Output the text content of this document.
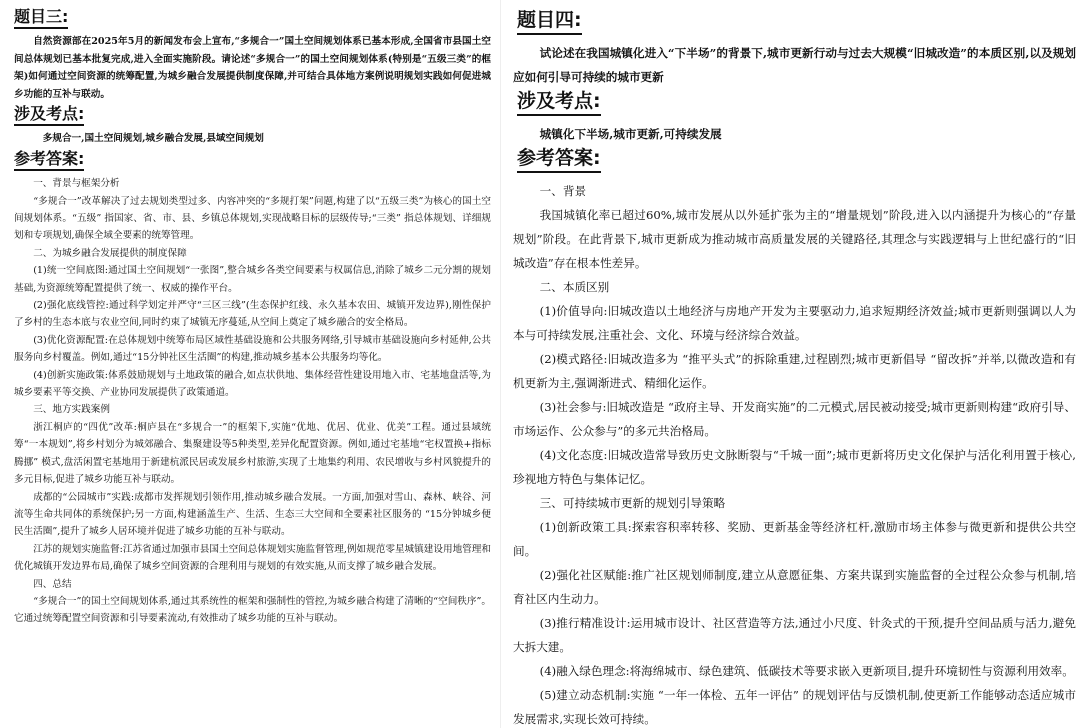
题目三:

自然资源部在2025年5月的新闻发布会上宣布,“多规合一”国土空间规划体系已基本形成,全国省市县国土空间总体规划已基本批复完成,进入全面实施阶段。请论述“多规合一”的国土空间规划体系(特别是“五级三类”的框架)如何通过空间资源的统筹配置,为城乡融合发展提供制度保障,并可结合具体地方案例说明规划实践如何促进城乡功能的互补与联动。

涉及考点:

多规合一,国土空间规划,城乡融合发展,县域空间规划

参考答案:

一、背景与框架分析

“多规合一”改革解决了过去规划类型过多、内容冲突的“多规打架”问题,构建了以“五级三类”为核心的国土空间规划体系。“五级” 指国家、省、市、县、乡镇总体规划,实现战略目标的层级传导;“三类” 指总体规划、详细规划和专项规划,确保全域全要素的统筹管理。

二、为城乡融合发展提供的制度保障

(1)统一空间底图:通过国土空间规划“一张图”,整合城乡各类空间要素与权属信息,消除了城乡二元分割的规划基础,为资源统筹配置提供了统一、权威的操作平台。

(2)强化底线管控:通过科学划定并严守“三区三线”(生态保护红线、永久基本农田、城镇开发边界),刚性保护了乡村的生态本底与农业空间,同时约束了城镇无序蔓延,从空间上奠定了城乡融合的安全格局。

(3)优化资源配置:在总体规划中统筹布局区域性基础设施和公共服务网络,引导城市基础设施向乡村延伸,公共服务向乡村覆盖。例如,通过“15分钟社区生活圈”的构建,推动城乡基本公共服务均等化。

(4)创新实施政策:体系鼓励规划与土地政策的融合,如点状供地、集体经营性建设用地入市、宅基地盘活等,为城乡要素平等交换、产业协同发展提供了政策通道。

三、地方实践案例

浙江桐庐的“四优”改革:桐庐县在“多规合一”的框架下,实施“优地、优居、优业、优美”工程。通过县域统筹“一本规划”,将乡村划分为城郊融合、集聚建设等5种类型,差异化配置资源。例如,通过宅基地“宅权置换+指标腾挪” 模式,盘活闲置宅基地用于新建杭派民居或发展乡村旅游,实现了土地集约利用、农民增收与乡村风貌提升的多元目标,促进了城乡功能互补与联动。

成都的“公园城市”实践:成都市发挥规划引领作用,推动城乡融合发展。一方面,加强对雪山、森林、峡谷、河流等生命共同体的系统保护;另一方面,构建涵盖生产、生活、生态三大空间和全要素社区服务的 “15分钟城乡便民生活圈”,提升了城乡人居环境并促进了城乡功能的互补与联动。

江苏的规划实施监督:江苏省通过加强市县国土空间总体规划实施监督管理,例如规范零星城镇建设用地管理和优化城镇开发边界布局,确保了城乡空间资源的合理利用与规划的有效实施,从而支撑了城乡融合发展。

四、总结

“多规合一”的国土空间规划体系,通过其系统性的框架和强制性的管控,为城乡融合构建了清晰的“空间秩序”。它通过统筹配置空间资源和引导要素流动,有效推动了城乡功能的互补与联动。

题目四:

试论述在我国城镇化进入“下半场”的背景下,城市更新行动与过去大规模“旧城改造”的本质区别,以及规划应如何引导可持续的城市更新

涉及考点:

城镇化下半场,城市更新,可持续发展

参考答案:

一、背景

我国城镇化率已超过60%,城市发展从以外延扩张为主的“增量规划”阶段,进入以内涵提升为核心的“存量规划”阶段。在此背景下,城市更新成为推动城市高质量发展的关键路径,其理念与实践逻辑与上世纪盛行的“旧城改造”存在根本性差异。

二、本质区别

(1)价值导向:旧城改造以土地经济与房地产开发为主要驱动力,追求短期经济效益;城市更新则强调以人为本与可持续发展,注重社会、文化、环境与经济综合效益。

(2)模式路径:旧城改造多为 “推平头式”的拆除重建,过程剧烈;城市更新倡导 “留改拆”并举,以微改造和有机更新为主,强调渐进式、精细化运作。

(3)社会参与:旧城改造是 “政府主导、开发商实施”的二元模式,居民被动接受;城市更新则构建“政府引导、市场运作、公众参与”的多元共治格局。

(4)文化态度:旧城改造常导致历史文脉断裂与“千城一面”;城市更新将历史文化保护与活化利用置于核心,珍视地方特色与集体记忆。

三、可持续城市更新的规划引导策略

(1)创新政策工具:探索容积率转移、奖励、更新基金等经济杠杆,激励市场主体参与微更新和提供公共空间。

(2)强化社区赋能:推广社区规划师制度,建立从意愿征集、方案共谋到实施监督的全过程公众参与机制,培育社区内生动力。

(3)推行精准设计:运用城市设计、社区营造等方法,通过小尺度、针灸式的干预,提升空间品质与活力,避免大拆大建。

(4)融入绿色理念:将海绵城市、绿色建筑、低碳技术等要求嵌入更新项目,提升环境韧性与资源利用效率。

(5)建立动态机制:实施 “一年一体检、五年一评估” 的规划评估与反馈机制,使更新工作能够动态适应城市发展需求,实现长效可持续。
